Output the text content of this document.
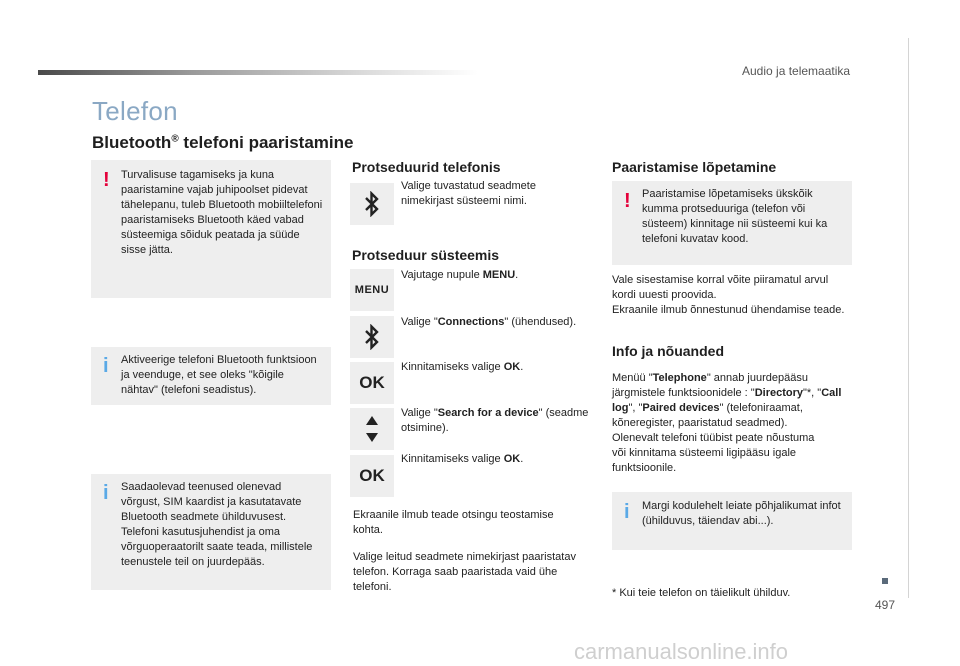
Audio ja telemaatika
497
carmanualsonline.info
Telefon
Bluetooth® telefoni paaristamine
! Turvalisuse tagamiseks ja kuna paaristamine vajab juhipoolset pidevat tähelepanu, tuleb Bluetooth mobiiltelefoni paaristamiseks Bluetooth käed vabad süsteemiga sõiduk peatada ja süüde sisse jätta.
i Aktiveerige telefoni Bluetooth funktsioon ja veenduge, et see oleks "kõigile nähtav" (telefoni seadistus).
i Saadaolevad teenused olenevad võrgust, SIM kaardist ja kasutatavate Bluetooth seadmete ühilduvusest. Telefoni kasutusjuhendist ja oma võrguoperaatorilt saate teada, millistele teenustele teil on juurdepääs.
Protseduurid telefonis
Valige tuvastatud seadmete nimekirjast süsteemi nimi.
Protseduur süsteemis
MENU
Vajutage nupule MENU.
Valige "Connections" (ühendused).
OK
Kinnitamiseks valige OK.
Valige "Search for a device" (seadme otsimine).
OK
Kinnitamiseks valige OK.
Ekraanile ilmub teade otsingu teostamise kohta.
Valige leitud seadmete nimekirjast paaristatav telefon. Korraga saab paaristada vaid ühe telefoni.
Paaristamise lõpetamine
! Paaristamise lõpetamiseks ükskõik kumma protseduuriga (telefon või süsteem) kinnitage nii süsteemi kui ka telefoni kuvatav kood.
Vale sisestamise korral võite piiramatul arvul kordi uuesti proovida.
Ekraanile ilmub õnnestunud ühendamise teade.
Info ja nõuanded
Menüü "Telephone" annab juurdepääsu järgmistele funktsioonidele : "Directory"*, "Call log", "Paired devices" (telefoniraamat, kõneregister, paaristatud seadmed).
Olenevalt telefoni tüübist peate nõustuma või kinnitama süsteemi ligipääsu igale funktsioonile.
i Margi kodulehelt leiate põhjalikumat infot (ühilduvus, täiendav abi...).
* Kui teie telefon on täielikult ühilduv.
